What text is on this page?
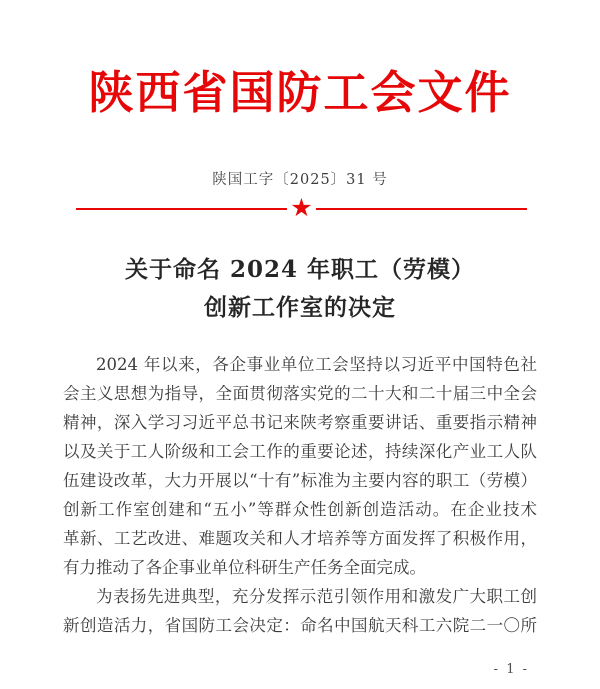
陕西省国防工会文件
陕国工字〔2025〕31 号
★
关于命名 2024 年职工（劳模）
创新工作室的决定
2024 年以来，各企事业单位工会坚持以习近平中国特色社
会主义思想为指导，全面贯彻落实党的二十大和二十届三中全会
精神，深入学习习近平总书记来陕考察重要讲话、重要指示精神
以及关于工人阶级和工会工作的重要论述，持续深化产业工人队
伍建设改革，大力开展以“十有”标准为主要内容的职工（劳模）
创新工作室创建和“五小”等群众性创新创造活动。在企业技术
革新、工艺改进、难题攻关和人才培养等方面发挥了积极作用，
有力推动了各企事业单位科研生产任务全面完成。
为表扬先进典型，充分发挥示范引领作用和激发广大职工创
新创造活力，省国防工会决定：命名中国航天科工六院二一〇所
- 1 -
